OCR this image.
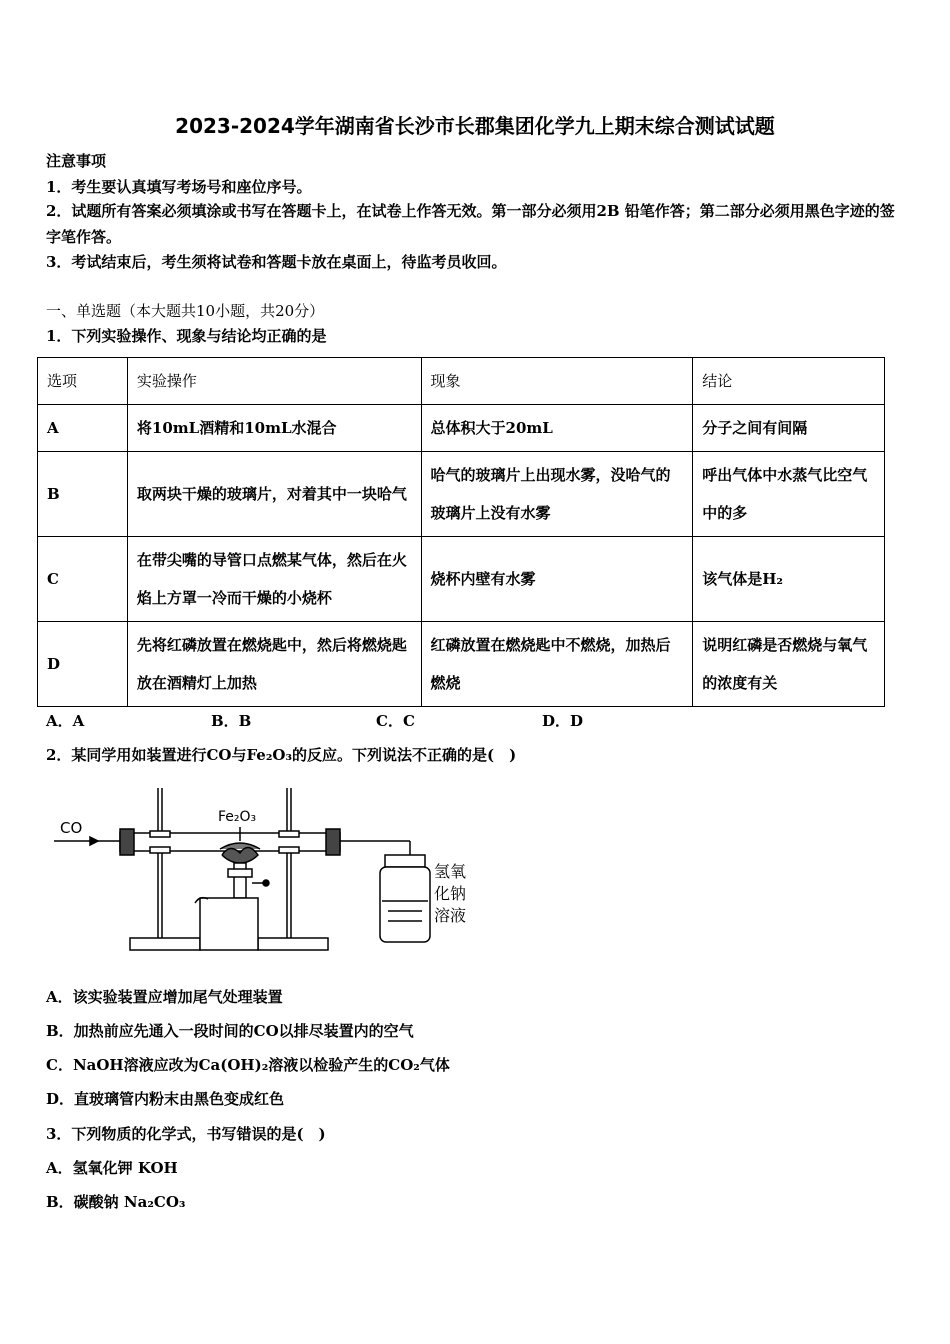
2023-2024学年湖南省长沙市长郡集团化学九上期末综合测试试题
注意事项
1．考生要认真填写考场号和座位序号。
2．试题所有答案必须填涂或书写在答题卡上，在试卷上作答无效。第一部分必须用2B 铅笔作答；第二部分必须用黑色字迹的签字笔作答。
3．考试结束后，考生须将试卷和答题卡放在桌面上，待监考员收回。
一、单选题（本大题共10小题，共20分）
1．下列实验操作、现象与结论均正确的是
选项	实验操作	现象	结论
A	将10mL酒精和10mL水混合	总体积大于20mL	分子之间有间隔
B	取两块干燥的玻璃片，对着其中一块哈气	哈气的玻璃片上出现水雾，没哈气的玻璃片上没有水雾	呼出气体中水蒸气比空气中的多
C	在带尖嘴的导管口点燃某气体，然后在火焰上方罩一冷而干燥的小烧杯	烧杯内壁有水雾	该气体是H₂
D	先将红磷放置在燃烧匙中，然后将燃烧匙放在酒精灯上加热	红磷放置在燃烧匙中不燃烧，加热后燃烧	说明红磷是否燃烧与氧气的浓度有关
A．A	B．B	C．C	D．D
2．某同学用如装置进行CO与Fe₂O₃的反应。下列说法不正确的是(　)
CO
Fe₂O₃
氢氧
化钠
溶液
A．该实验装置应增加尾气处理装置
B．加热前应先通入一段时间的CO以排尽装置内的空气
C．NaOH溶液应改为Ca(OH)₂溶液以检验产生的CO₂气体
D．直玻璃管内粉末由黑色变成红色
3．下列物质的化学式，书写错误的是(　)
A．氢氧化钾 KOH
B．碳酸钠 Na₂CO₃
